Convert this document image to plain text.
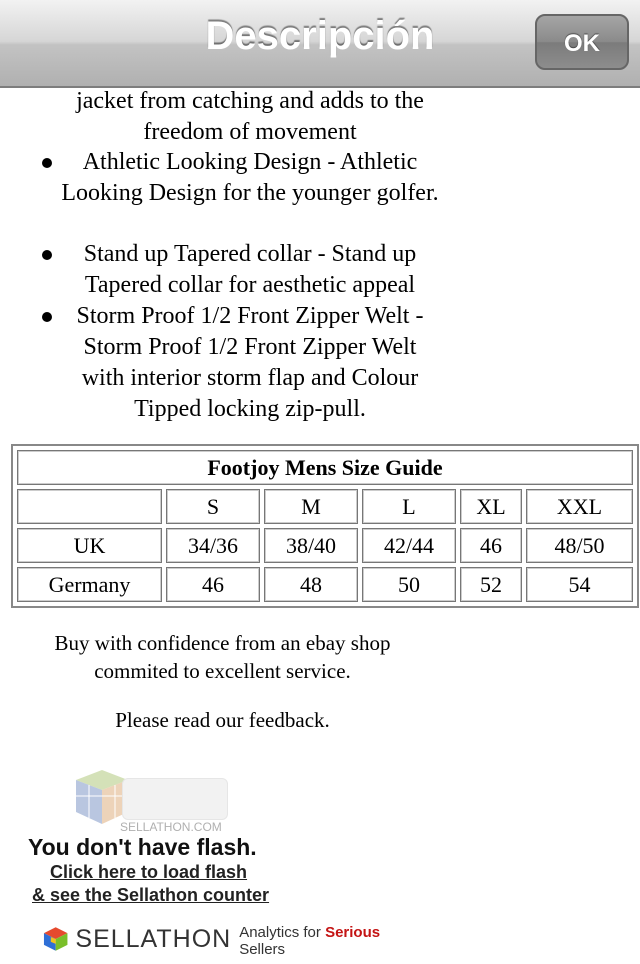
Descripción	OK
jacket from catching and adds to the freedom of movement
Athletic Looking Design - Athletic Looking Design for the younger golfer.
Stand up Tapered collar - Stand up Tapered collar for aesthetic appeal
Storm Proof 1/2 Front Zipper Welt - Storm Proof 1/2 Front Zipper Welt with interior storm flap and Colour Tipped locking zip-pull.
Footjoy Mens Size Guide					
	S	M	L	XL	XXL
UK	34/36	38/40	42/44	46	48/50
Germany	46	48	50	52	54
Buy with confidence from an ebay shop commited to excellent service.
Please read our feedback.
SELLATHON.COM
You don't have flash.
Click here to load flash
& see the Sellathon counter
SELLATHON Analytics for Serious Sellers
